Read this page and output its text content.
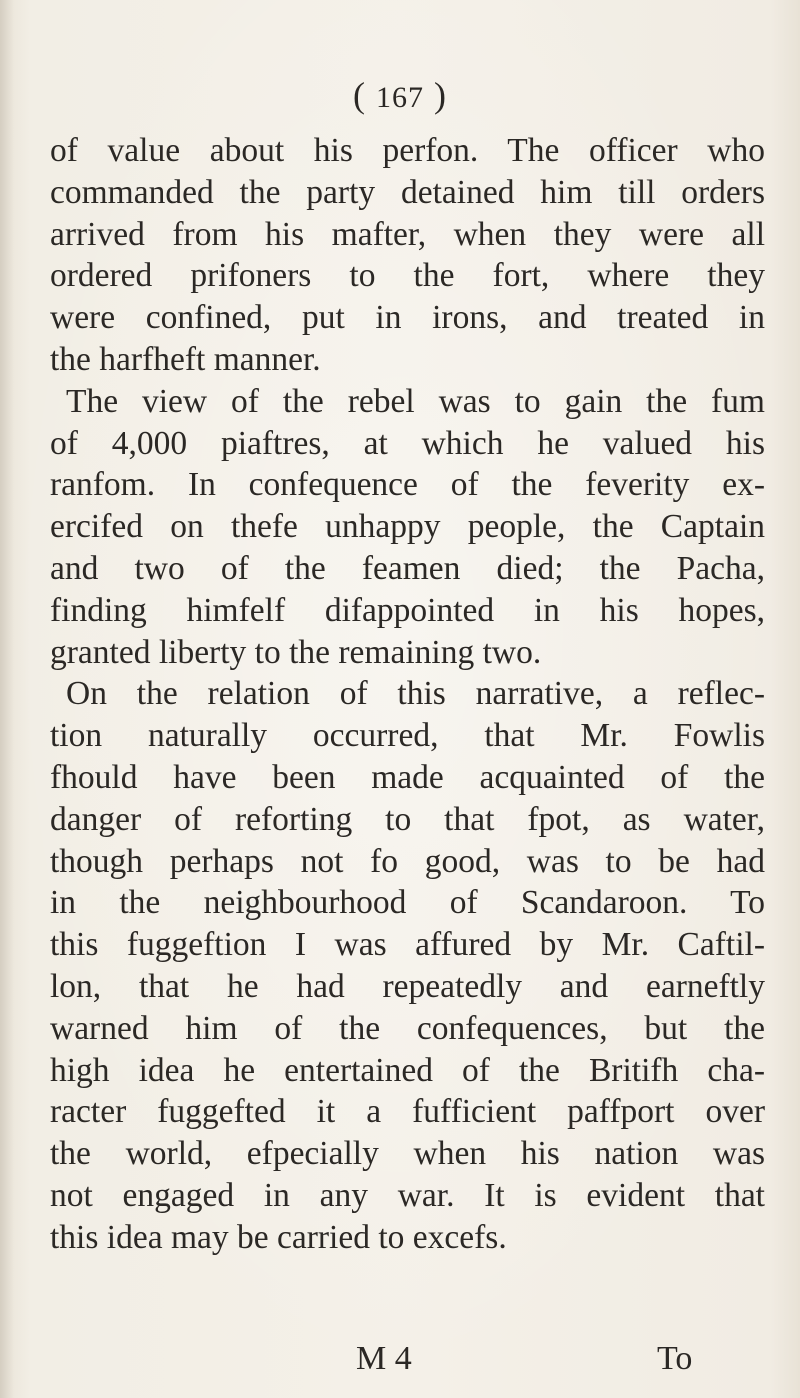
( 167 )
of value about his perfon. The officer who
commanded the party detained him till orders
arrived from his mafter, when they were all
ordered prifoners to the fort, where they
were confined, put in irons, and treated in
the harfheft manner.
The view of the rebel was to gain the fum
of 4,000 piaftres, at which he valued his
ranfom. In confequence of the feverity ex-
ercifed on thefe unhappy people, the Captain
and two of the feamen died; the Pacha,
finding himfelf difappointed in his hopes,
granted liberty to the remaining two.
On the relation of this narrative, a reflec-
tion naturally occurred, that Mr. Fowlis
fhould have been made acquainted of the
danger of reforting to that fpot, as water,
though perhaps not fo good, was to be had
in the neighbourhood of Scandaroon. To
this fuggeftion I was affured by Mr. Caftil-
lon, that he had repeatedly and earneftly
warned him of the confequences, but the
high idea he entertained of the Britifh cha-
racter fuggefted it a fufficient paffport over
the world, efpecially when his nation was
not engaged in any war. It is evident that
this idea may be carried to excefs.
M 4	To
